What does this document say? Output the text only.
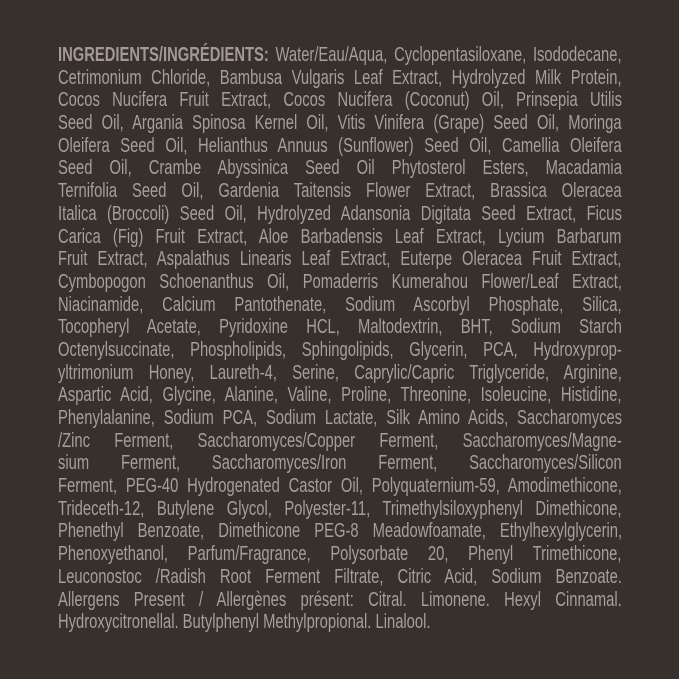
INGREDIENTS/INGRÉDIENTS: Water/Eau/Aqua, Cyclopentasiloxane, Isododecane,
Cetrimonium Chloride, Bambusa Vulgaris Leaf Extract, Hydrolyzed Milk Protein,
Cocos Nucifera Fruit Extract, Cocos Nucifera (Coconut) Oil, Prinsepia Utilis
Seed Oil, Argania Spinosa Kernel Oil, Vitis Vinifera (Grape) Seed Oil, Moringa
Oleifera Seed Oil, Helianthus Annuus (Sunflower) Seed Oil, Camellia Oleifera
Seed Oil, Crambe Abyssinica Seed Oil Phytosterol Esters, Macadamia
Ternifolia Seed Oil, Gardenia Taitensis Flower Extract, Brassica Oleracea
Italica (Broccoli) Seed Oil, Hydrolyzed Adansonia Digitata Seed Extract, Ficus
Carica (Fig) Fruit Extract, Aloe Barbadensis Leaf Extract, Lycium Barbarum
Fruit Extract, Aspalathus Linearis Leaf Extract, Euterpe Oleracea Fruit Extract,
Cymbopogon Schoenanthus Oil, Pomaderris Kumerahou Flower/Leaf Extract,
Niacinamide, Calcium Pantothenate, Sodium Ascorbyl Phosphate, Silica,
Tocopheryl Acetate, Pyridoxine HCL, Maltodextrin, BHT, Sodium Starch
Octenylsuccinate, Phospholipids, Sphingolipids, Glycerin, PCA, Hydroxyprop-
yltrimonium Honey, Laureth-4, Serine, Caprylic/Capric Triglyceride, Arginine,
Aspartic Acid, Glycine, Alanine, Valine, Proline, Threonine, Isoleucine, Histidine,
Phenylalanine, Sodium PCA, Sodium Lactate, Silk Amino Acids, Saccharomyces
/Zinc Ferment, Saccharomyces/Copper Ferment, Saccharomyces/Magne-
sium Ferment, Saccharomyces/Iron Ferment, Saccharomyces/Silicon
Ferment, PEG-40 Hydrogenated Castor Oil, Polyquaternium-59, Amodimethicone,
Trideceth-12, Butylene Glycol, Polyester-11, Trimethylsiloxyphenyl Dimethicone,
Phenethyl Benzoate, Dimethicone PEG-8 Meadowfoamate, Ethylhexylglycerin,
Phenoxyethanol, Parfum/Fragrance, Polysorbate 20, Phenyl Trimethicone,
Leuconostoc /Radish Root Ferment Filtrate, Citric Acid, Sodium Benzoate.
Allergens Present / Allergènes présent: Citral. Limonene. Hexyl Cinnamal.
Hydroxycitronellal. Butylphenyl Methylpropional. Linalool.
